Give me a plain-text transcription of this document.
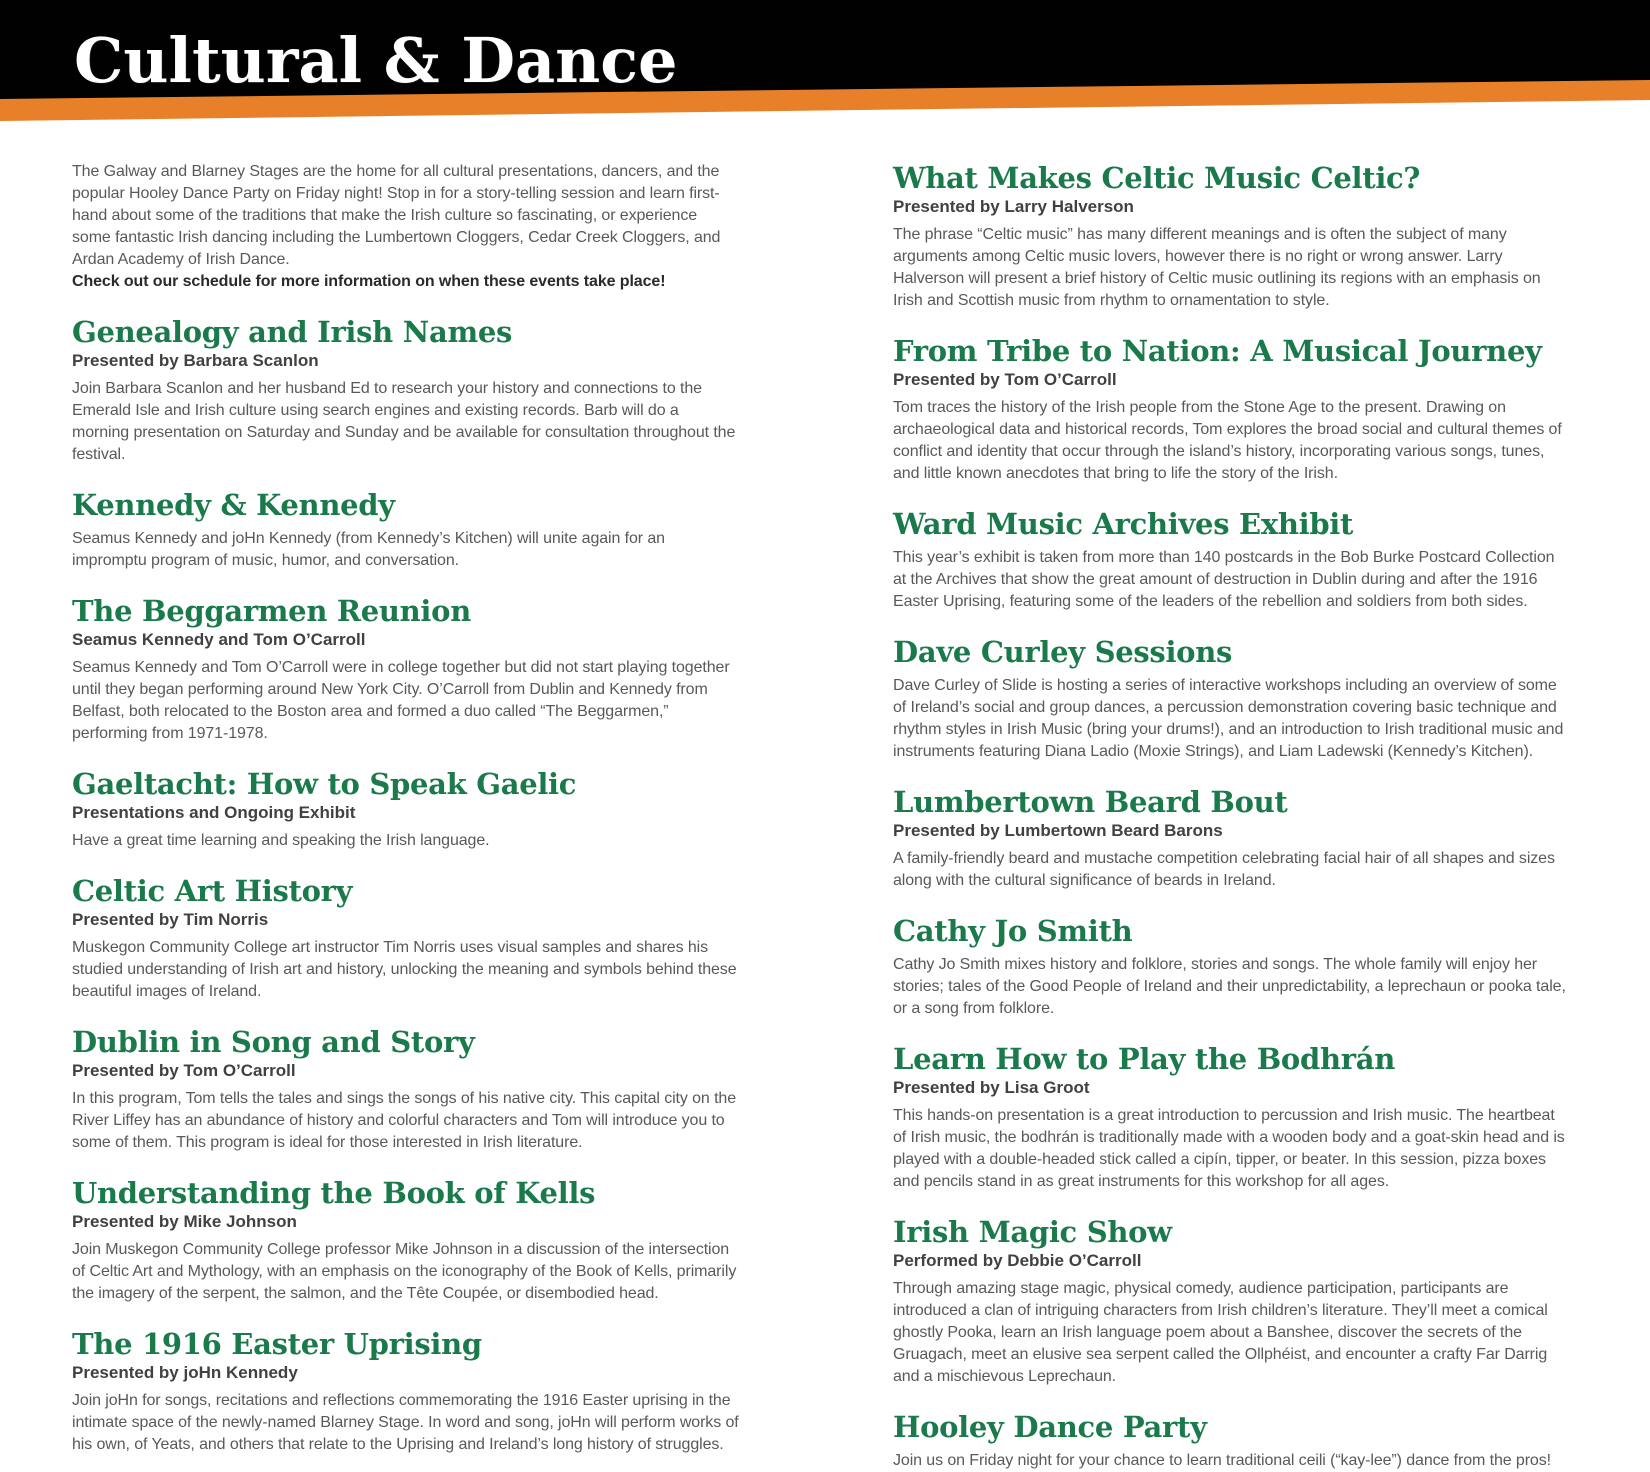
Cultural & Dance

The Galway and Blarney Stages are the home for all cultural presentations, dancers, and the popular Hooley Dance Party on Friday night! Stop in for a story-telling session and learn first-hand about some of the traditions that make the Irish culture so fascinating, or experience some fantastic Irish dancing including the Lumbertown Cloggers, Cedar Creek Cloggers, and Ardan Academy of Irish Dance.

Check out our schedule for more information on when these events take place!

Genealogy and Irish Names

Presented by Barbara Scanlon

Join Barbara Scanlon and her husband Ed to research your history and connections to the Emerald Isle and Irish culture using search engines and existing records. Barb will do a morning presentation on Saturday and Sunday and be available for consultation throughout the festival.

Kennedy & Kennedy

Seamus Kennedy and joHn Kennedy (from Kennedy’s Kitchen) will unite again for an impromptu program of music, humor, and conversation.

The Beggarmen Reunion

Seamus Kennedy and Tom O’Carroll

Seamus Kennedy and Tom O’Carroll were in college together but did not start playing together until they began performing around New York City. O’Carroll from Dublin and Kennedy from Belfast, both relocated to the Boston area and formed a duo called “The Beggarmen,” performing from 1971-1978.

Gaeltacht: How to Speak Gaelic

Presentations and Ongoing Exhibit

Have a great time learning and speaking the Irish language.

Celtic Art History

Presented by Tim Norris

Muskegon Community College art instructor Tim Norris uses visual samples and shares his studied understanding of Irish art and history, unlocking the meaning and symbols behind these beautiful images of Ireland.

Dublin in Song and Story

Presented by Tom O’Carroll

In this program, Tom tells the tales and sings the songs of his native city. This capital city on the River Liffey has an abundance of history and colorful characters and Tom will introduce you to some of them. This program is ideal for those interested in Irish literature.

Understanding the Book of Kells

Presented by Mike Johnson

Join Muskegon Community College professor Mike Johnson in a discussion of the intersection of Celtic Art and Mythology, with an emphasis on the iconography of the Book of Kells, primarily the imagery of the serpent, the salmon, and the Tête Coupée, or disembodied head.

The 1916 Easter Uprising

Presented by joHn Kennedy

Join joHn for songs, recitations and reflections commemorating the 1916 Easter uprising in the intimate space of the newly-named Blarney Stage. In word and song, joHn will perform works of his own, of Yeats, and others that relate to the Uprising and Ireland’s long history of struggles.

What Makes Celtic Music Celtic?

Presented by Larry Halverson

The phrase “Celtic music” has many different meanings and is often the subject of many arguments among Celtic music lovers, however there is no right or wrong answer. Larry Halverson will present a brief history of Celtic music outlining its regions with an emphasis on Irish and Scottish music from rhythm to ornamentation to style.

From Tribe to Nation: A Musical Journey

Presented by Tom O’Carroll

Tom traces the history of the Irish people from the Stone Age to the present. Drawing on archaeological data and historical records, Tom explores the broad social and cultural themes of conflict and identity that occur through the island’s history, incorporating various songs, tunes, and little known anecdotes that bring to life the story of the Irish.

Ward Music Archives Exhibit

This year’s exhibit is taken from more than 140 postcards in the Bob Burke Postcard Collection at the Archives that show the great amount of destruction in Dublin during and after the 1916 Easter Uprising, featuring some of the leaders of the rebellion and soldiers from both sides.

Dave Curley Sessions

Dave Curley of Slide is hosting a series of interactive workshops including an overview of some of Ireland’s social and group dances, a percussion demonstration covering basic technique and rhythm styles in Irish Music (bring your drums!), and an introduction to Irish traditional music and instruments featuring Diana Ladio (Moxie Strings), and Liam Ladewski (Kennedy’s Kitchen).

Lumbertown Beard Bout

Presented by Lumbertown Beard Barons

A family-friendly beard and mustache competition celebrating facial hair of all shapes and sizes along with the cultural significance of beards in Ireland.

Cathy Jo Smith

Cathy Jo Smith mixes history and folklore, stories and songs. The whole family will enjoy her stories; tales of the Good People of Ireland and their unpredictability, a leprechaun or pooka tale, or a song from folklore.

Learn How to Play the Bodhrán

Presented by Lisa Groot

This hands-on presentation is a great introduction to percussion and Irish music. The heartbeat of Irish music, the bodhrán is traditionally made with a wooden body and a goat-skin head and is played with a double-headed stick called a cipín, tipper, or beater. In this session, pizza boxes and pencils stand in as great instruments for this workshop for all ages.

Irish Magic Show

Performed by Debbie O’Carroll

Through amazing stage magic, physical comedy, audience participation, participants are introduced a clan of intriguing characters from Irish children’s literature. They’ll meet a comical ghostly Pooka, learn an Irish language poem about a Banshee, discover the secrets of the Gruagach, meet an elusive sea serpent called the Ollphéist, and encounter a crafty Far Darrig and a mischievous Leprechaun.

Hooley Dance Party

Join us on Friday night for your chance to learn traditional ceili (“kay-lee”) dance from the pros!
